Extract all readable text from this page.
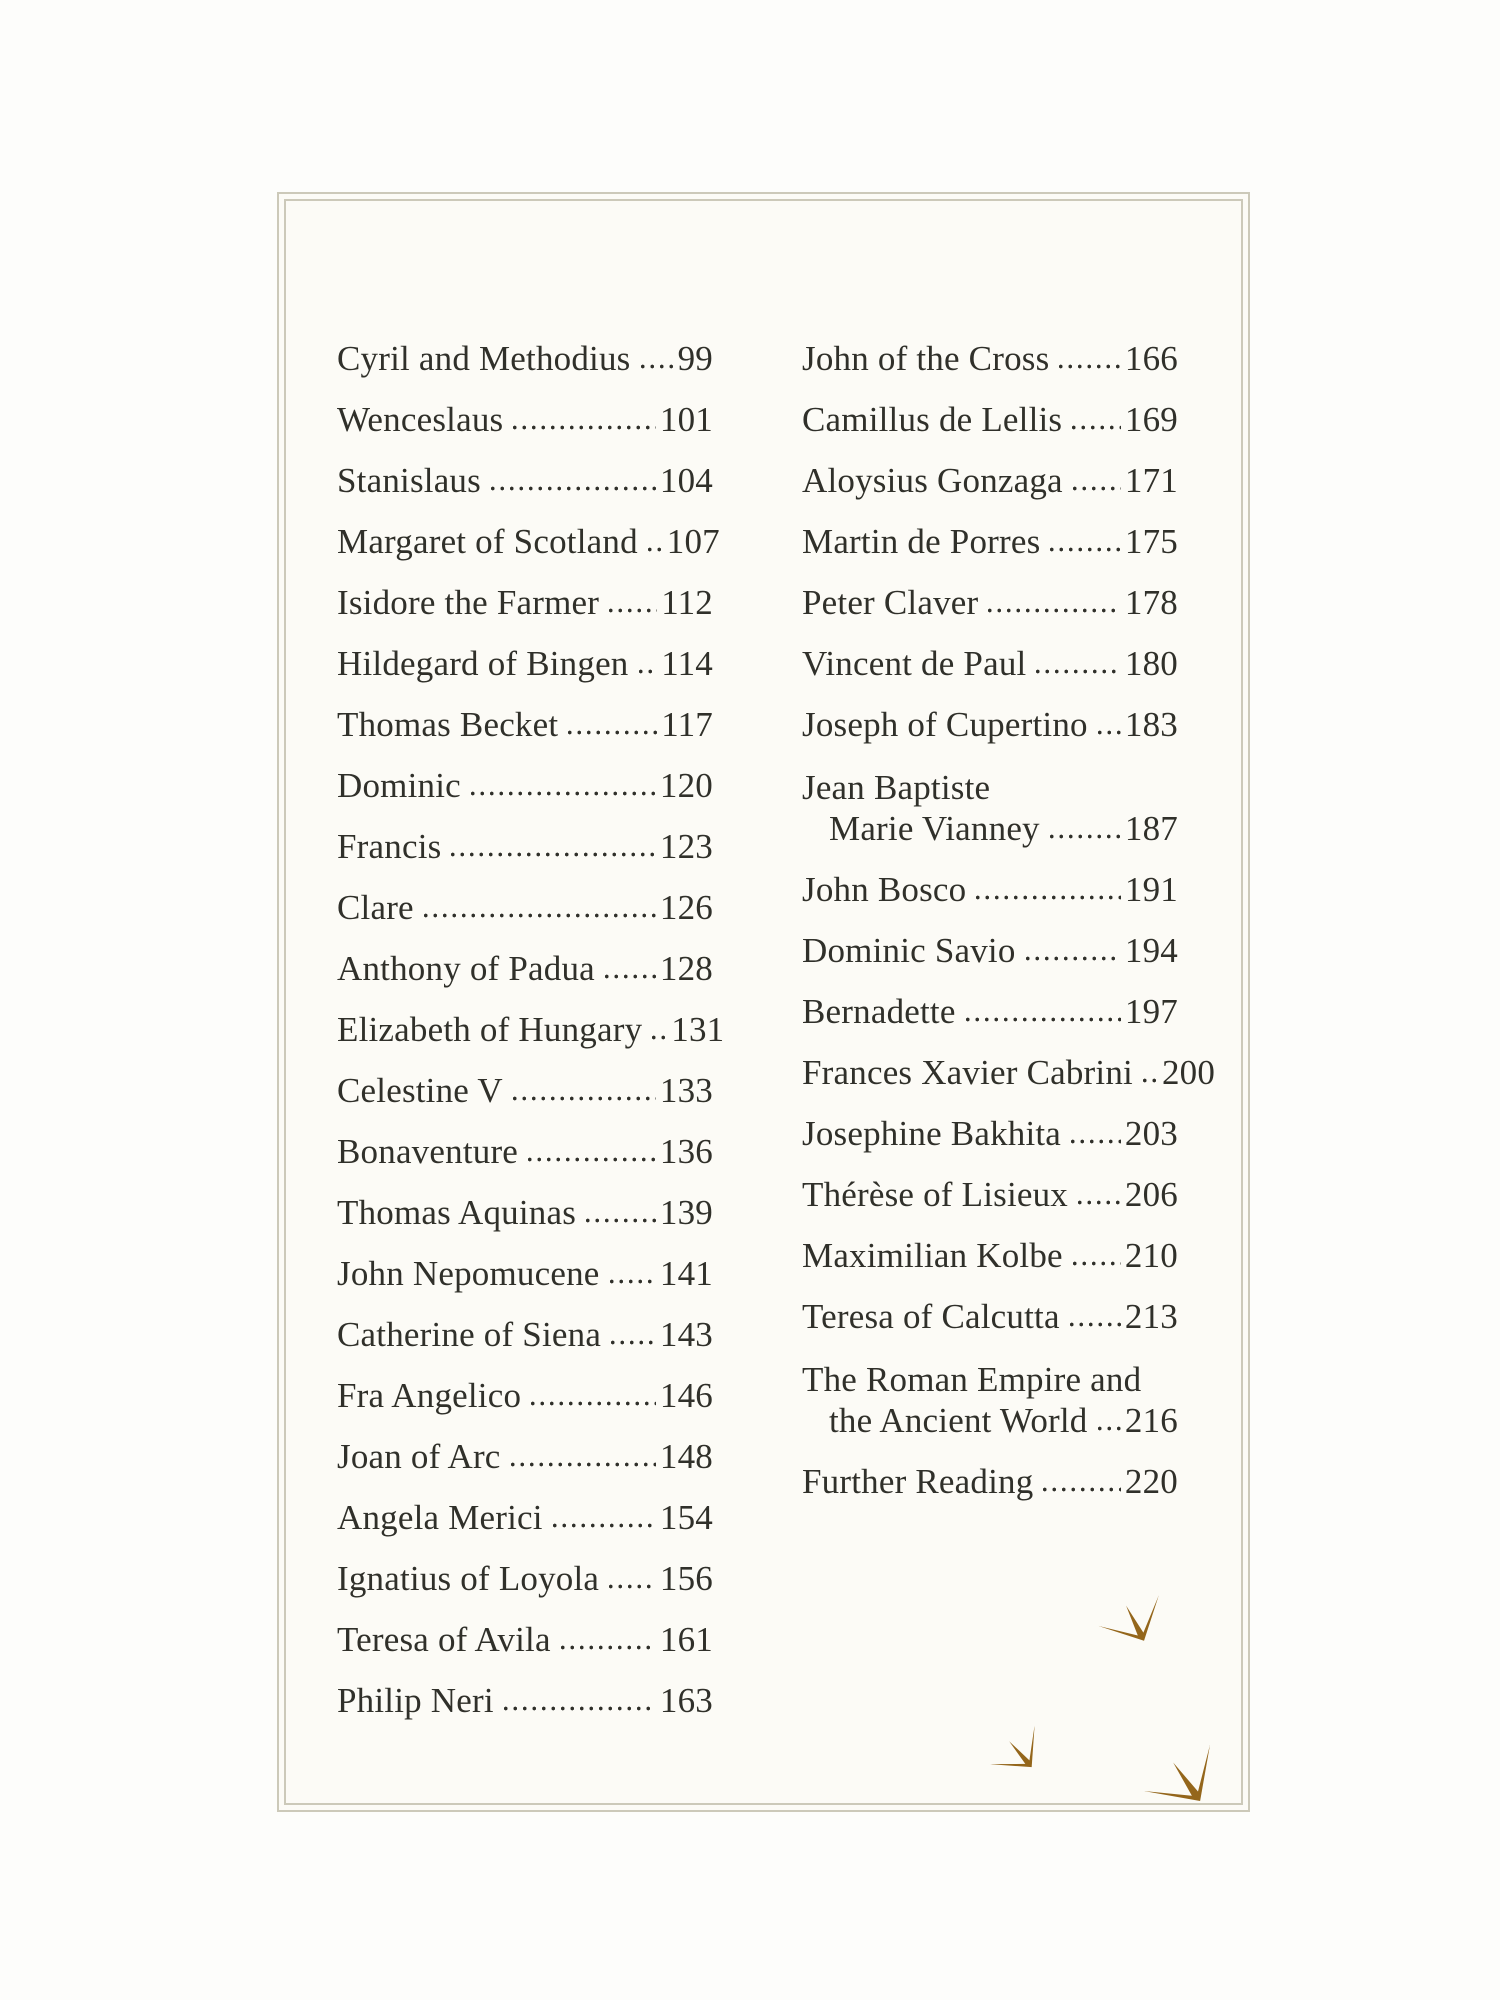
Cyril and Methodius 99
Wenceslaus	101
Stanislaus	104
Margaret of Scotland 107
Isidore the Farmer 112
Hildegard of Bingen 114
Thomas Becket	117
Dominic	120
Francis	123
Clare	126
Anthony of Padua 128
Elizabeth of Hungary 131
Celestine V	133
Bonaventure	136
Thomas Aquinas 139
John Nepomucene 141
Catherine of Siena 143
Fra Angelico	146
Joan of Arc	148
Angela Merici	154
Ignatius of Loyola 156
Teresa of Avila	161
Philip Neri	163
John of the Cross 166
Camillus de Lellis 169
Aloysius Gonzaga 171
Martin de Porres 175
Peter Claver	178
Vincent de Paul	180
Joseph of Cupertino 183
Jean Baptiste
Marie Vianney 187
John Bosco	191
Dominic Savio	194
Bernadette	197
Frances Xavier Cabrini 200
Josephine Bakhita 203
Thérèse of Lisieux 206
Maximilian Kolbe 210
Teresa of Calcutta 213
The Roman Empire and
the Ancient World 216
Further Reading	220
